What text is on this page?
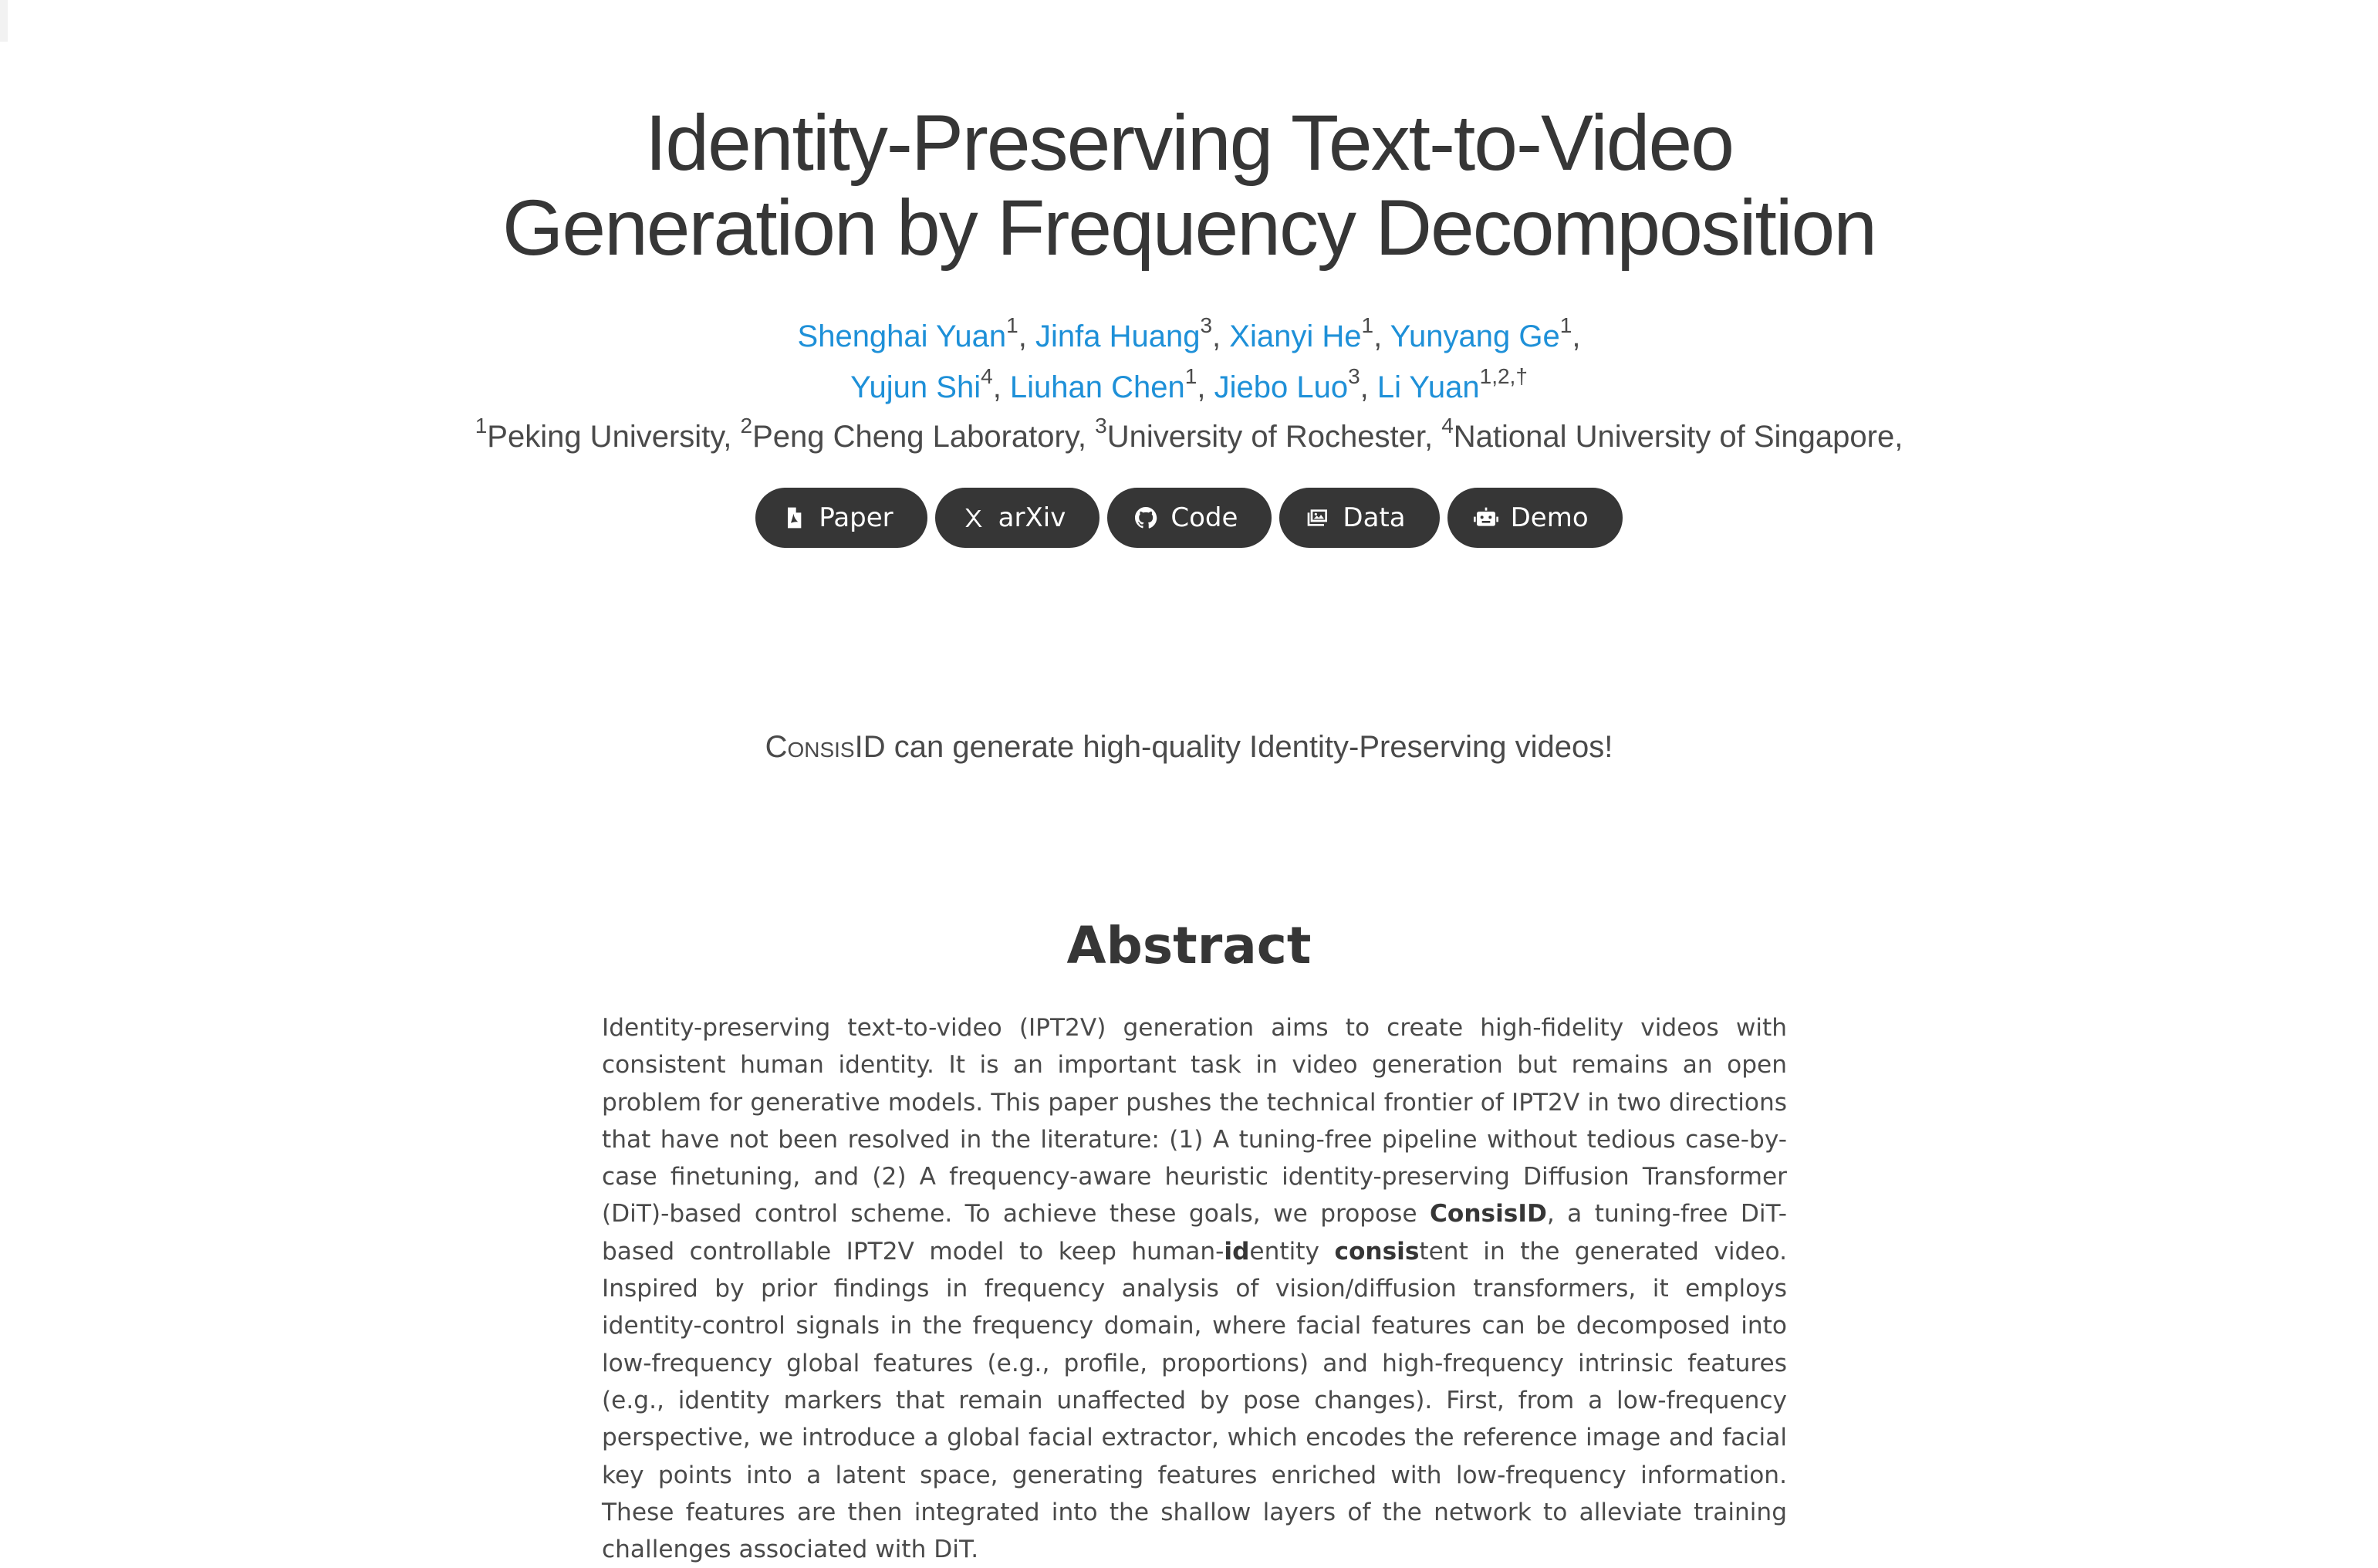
Identity-Preserving Text-to-Video
Generation by Frequency Decomposition
Shenghai Yuan$^1$, Jinfa Huang$^3$, Xianyi He$^1$, Yunyang Ge$^1$,
Yujun Shi$^4$, Liuhan Chen$^1$, Jiebo Luo$^3$, Li Yuan$^{1,2,\dagger}$
$^1$Peking University, $^2$Peng Cheng Laboratory, $^3$University of Rochester, $^4$National University of Singapore,
Paper	arXiv	Code	Data	Demo
ConsisID can generate high-quality Identity-Preserving videos!
Abstract

Identity-preserving text-to-video (IPT2V) generation aims to create high-fidelity videos with consistent human identity. It is an important task in video generation but remains an open problem for generative models. This paper pushes the technical frontier of IPT2V in two directions that have not been resolved in the literature: (1) A tuning-free pipeline without tedious case-by-case finetuning, and (2) A frequency-aware heuristic identity-preserving Diffusion Transformer (DiT)-based control scheme. To achieve these goals, we propose ConsisID, a tuning-free DiT-based controllable IPT2V model to keep human-identity consistent in the generated video. Inspired by prior findings in frequency analysis of vision/diffusion transformers, it employs identity-control signals in the frequency domain, where facial features can be decomposed into low-frequency global features (e.g., profile, proportions) and high-frequency intrinsic features (e.g., identity markers that remain unaffected by pose changes). First, from a low-frequency perspective, we introduce a global facial extractor, which encodes the reference image and facial key points into a latent space, generating features enriched with low-frequency information. These features are then integrated into the shallow layers of the network to alleviate training challenges associated with DiT.
